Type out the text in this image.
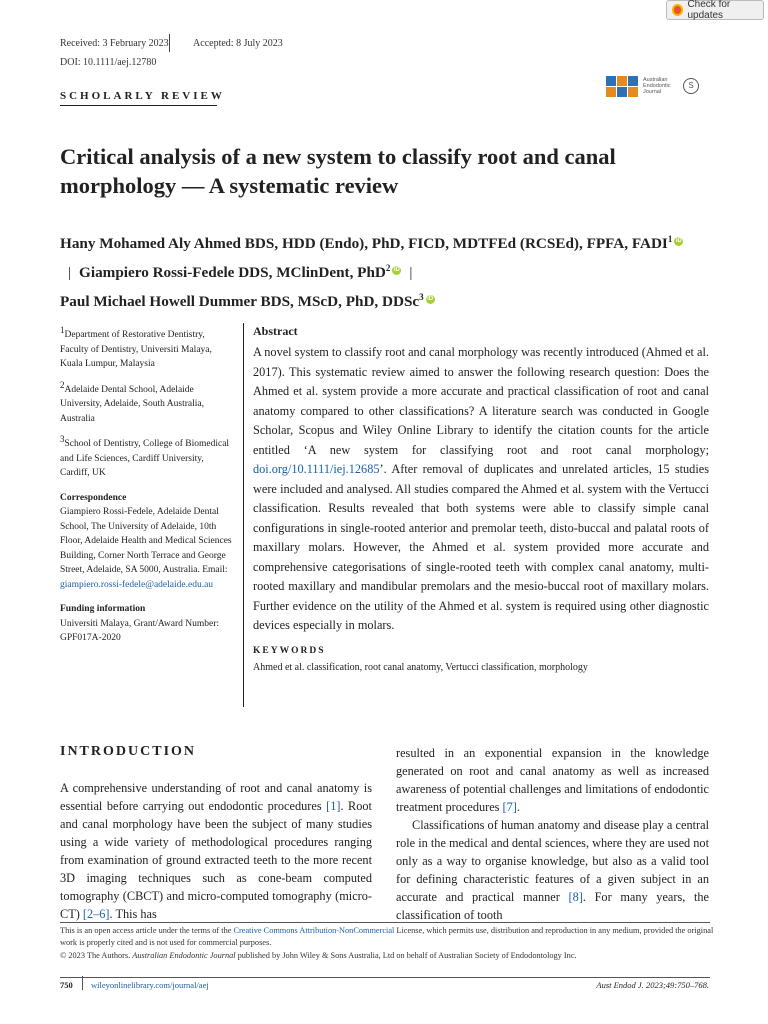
Check for updates
Received: 3 February 2023 Accepted: 8 July 2023
DOI: 10.1111/aej.12780
SCHOLARLY REVIEW
Australian Endodontic Journal
S
Critical analysis of a new system to classify root and canal morphology — A systematic review
Hany Mohamed Aly Ahmed BDS, HDD (Endo), PhD, FICD, MDTFEd (RCSEd), FPFA, FADI$^1$ iD| Giampiero Rossi-Fedele DDS, MClinDent, PhD$^2$ iD |
Paul Michael Howell Dummer BDS, MScD, PhD, DDSc$^3$ iD
$^1$Department of Restorative Dentistry, Faculty of Dentistry, Universiti Malaya, Kuala Lumpur, Malaysia
$^2$Adelaide Dental School, Adelaide University, Adelaide, South Australia, Australia
$^3$School of Dentistry, College of Biomedical and Life Sciences, Cardiff University, Cardiff, UK
Correspondence
Giampiero Rossi-Fedele, Adelaide Dental School, The University of Adelaide, 10th Floor, Adelaide Health and Medical Sciences Building, Corner North Terrace and George Street, Adelaide, SA 5000, Australia. Email: giampiero.rossi-fedele@adelaide.edu.au
Funding information
Universiti Malaya, Grant/Award Number: GPF017A-2020
Abstract

A novel system to classify root and canal morphology was recently introduced (Ahmed et al. 2017). This systematic review aimed to answer the following research question: Does the Ahmed et al. system provide a more accurate and practical classification of root and canal anatomy compared to other classifications? A literature search was conducted in Google Scholar, Scopus and Wiley Online Library to identify the citation counts for the article entitled ‘A new system for classifying root and root canal morphology; doi.org/10.1111/iej.12685’. After removal of duplicates and unrelated articles, 15 studies were included and analysed. All studies compared the Ahmed et al. system with the Vertucci classification. Results revealed that both systems were able to classify simple canal configurations in single-rooted anterior and premolar teeth, disto-buccal and palatal roots of maxillary molars. However, the Ahmed et al. system provided more accurate and comprehensive categorisations of single-rooted teeth with complex canal anatomy, multi-rooted maxillary and mandibular premolars and the mesio-buccal root of maxillary molars. Further evidence on the utility of the Ahmed et al. system is required using other diagnostic devices especially in molars.

KEYWORDS
Ahmed et al. classification, root canal anatomy, Vertucci classification, morphology
INTRODUCTION
A comprehensive understanding of root and canal anatomy is essential before carrying out endodontic procedures [1]. Root and canal morphology have been the subject of many studies using a wide variety of methodological procedures ranging from examination of ground extracted teeth to the more recent 3D imaging techniques such as cone-beam computed tomography (CBCT) and micro-computed tomography (micro-CT) [2–6]. This has

resulted in an exponential expansion in the knowledge generated on root and canal anatomy as well as increased awareness of potential challenges and limitations of endodontic treatment procedures [7].

Classifications of human anatomy and disease play a central role in the medical and dental sciences, where they are used not only as a way to organise knowledge, but also as a valid tool for defining characteristic features of a given subject in an accurate and practical manner [8]. For many years, the classification of tooth

This is an open access article under the terms of the Creative Commons Attribution-NonCommercial License, which permits use, distribution and reproduction in any medium, provided the original work is properly cited and is not used for commercial purposes.
© 2023 The Authors. Australian Endodontic Journal published by John Wiley & Sons Australia, Ltd on behalf of Australian Society of Endodontology Inc.
750 wileyonlinelibrary.com/journal/aej	Aust Endod J. 2023;49:750–768.
